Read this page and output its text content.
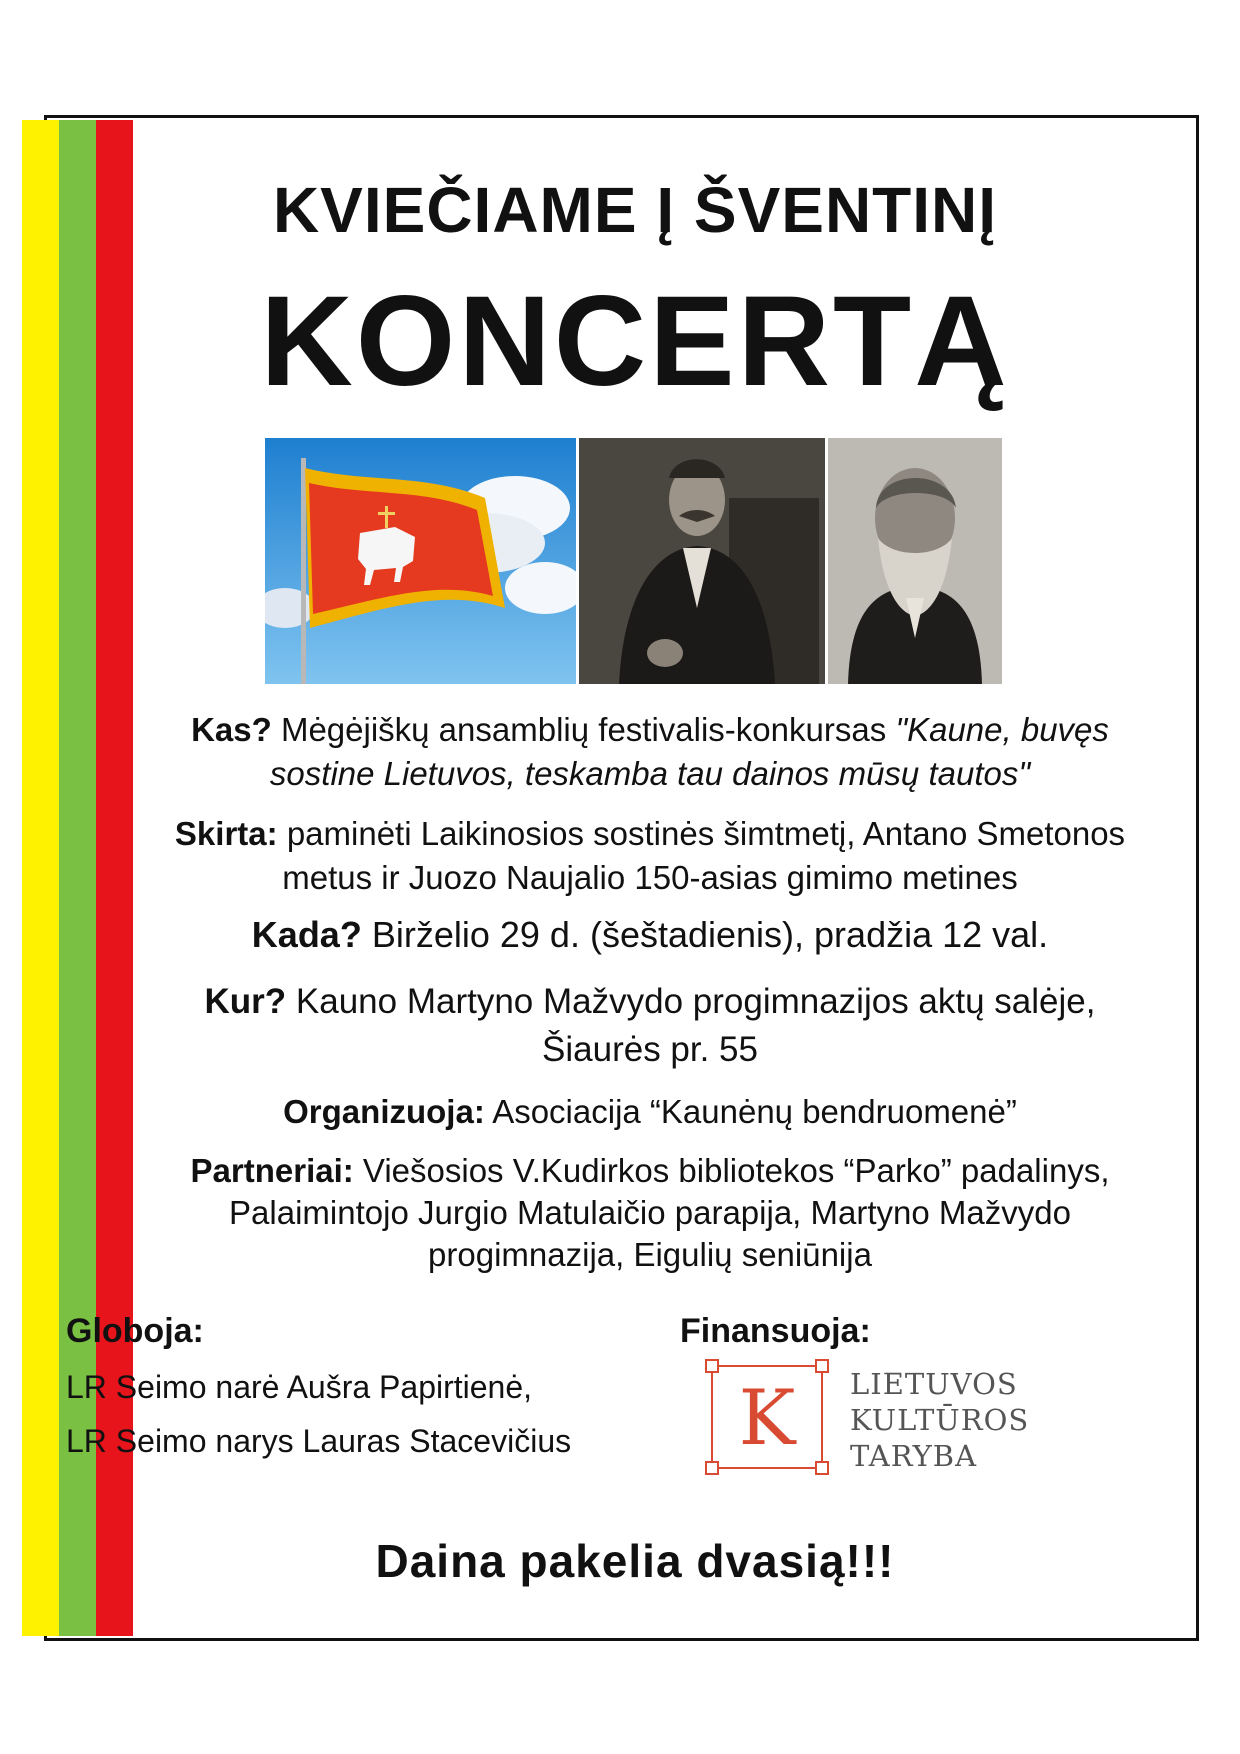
KVIEČIAME Į ŠVENTINĮ
KONCERTĄ
Kas? Mėgėjiškų ansamblių festivalis-konkursas "Kaune, buvęs
sostine Lietuvos, teskamba tau dainos mūsų tautos"
Skirta: paminėti Laikinosios sostinės šimtmetį, Antano Smetonos
metus ir Juozo Naujalio 150-asias gimimo metines
Kada? Birželio 29 d. (šeštadienis), pradžia 12 val.
Kur? Kauno Martyno Mažvydo progimnazijos aktų salėje,
Šiaurės pr. 55
Organizuoja: Asociacija “Kaunėnų bendruomenė”
Partneriai: Viešosios V.Kudirkos bibliotekos “Parko” padalinys,
Palaimintojo Jurgio Matulaičio parapija, Martyno Mažvydo
progimnazija, Eigulių seniūnija
Globoja:
LR Seimo narė Aušra Papirtienė,
LR Seimo narys Lauras Stacevičius
Finansuoja:
K LIETUVOS
KULTŪROS
TARYBA
Daina pakelia dvasią!!!
